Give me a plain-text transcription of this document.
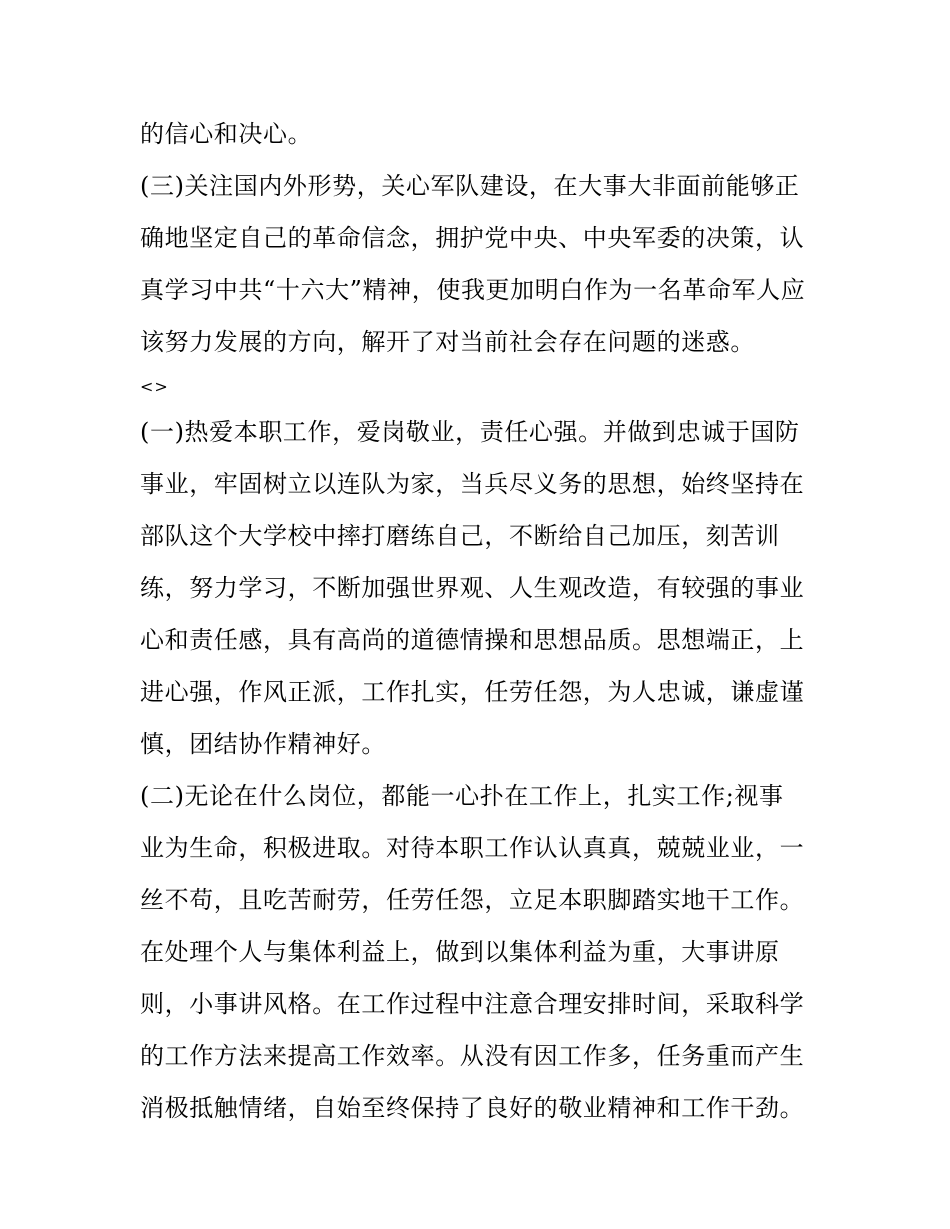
的信心和决心。
(三)关注国内外形势，关心军队建设，在大事大非面前能够正
确地坚定自己的革命信念，拥护党中央、中央军委的决策，认
真学习中共“十六大”精神，使我更加明白作为一名革命军人应
该努力发展的方向，解开了对当前社会存在问题的迷惑。
<>
(一)热爱本职工作，爱岗敬业，责任心强。并做到忠诚于国防
事业，牢固树立以连队为家，当兵尽义务的思想，始终坚持在
部队这个大学校中摔打磨练自己，不断给自己加压，刻苦训
练，努力学习，不断加强世界观、人生观改造，有较强的事业
心和责任感，具有高尚的道德情操和思想品质。思想端正，上
进心强，作风正派，工作扎实，任劳任怨，为人忠诚，谦虚谨
慎，团结协作精神好。
(二)无论在什么岗位，都能一心扑在工作上，扎实工作;视事
业为生命，积极进取。对待本职工作认认真真，兢兢业业，一
丝不苟，且吃苦耐劳，任劳任怨，立足本职脚踏实地干工作。
在处理个人与集体利益上，做到以集体利益为重，大事讲原
则，小事讲风格。在工作过程中注意合理安排时间，采取科学
的工作方法来提高工作效率。从没有因工作多，任务重而产生
消极抵触情绪，自始至终保持了良好的敬业精神和工作干劲。
